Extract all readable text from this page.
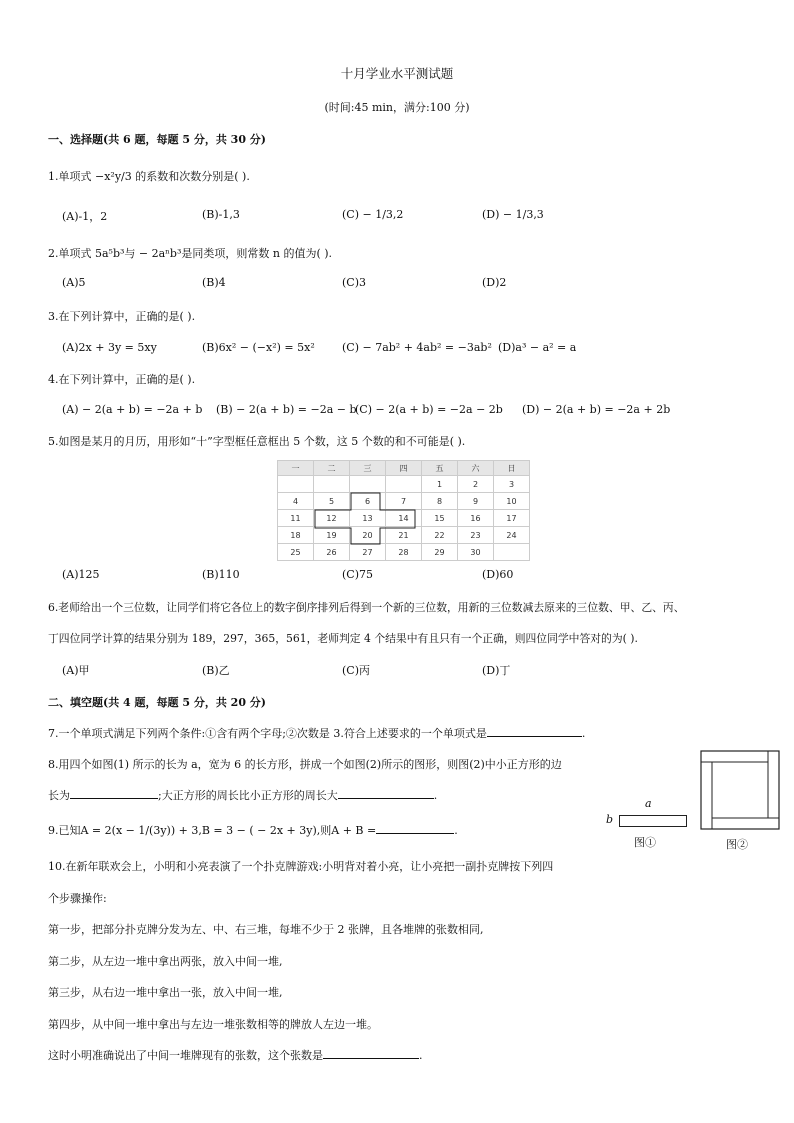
十月学业水平测试题
(时间:45 min，满分:100 分)
一、选择题(共 6 题，每题 5 分，共 30 分)
1.单项式 −x²y/3 的系数和次数分别是( ).
(A)-1，2	(B)-1,3	(C) − 1/3,2	(D) − 1/3,3
2.单项式 5a⁵b³与 − 2aⁿb³是同类项，则常数 n 的值为( ).
(A)5	(B)4	(C)3	(D)2
3.在下列计算中，正确的是( ).
(A)2x + 3y = 5xy	(B)6x² − (−x²) = 5x² (C) − 7ab² + 4ab² = −3ab² (D)a³ − a² = a
4.在下列计算中，正确的是( ).
(A) − 2(a + b) = −2a + b (B) − 2(a + b) = −2a − b
(C) − 2(a + b) = −2a − 2b (D) − 2(a + b) = −2a + 2b
5.如图是某月的月历，用形如“十”字型框任意框出 5 个数，这 5 个数的和不可能是( ).
一	二	三	四	五	六	日
				1	2	3
4	5	6	7	8	9	10
11	12	13	14	15	16	17
18	19	20	21	22	23	24
25	26	27	28	29	30	
(A)125	(B)110	(C)75	(D)60
6.老师给出一个三位数，让同学们将它各位上的数字倒序排列后得到一个新的三位数，用新的三位数减去原来的三位数、甲、乙、丙、
丁四位同学计算的结果分别为 189，297，365，561，老师判定 4 个结果中有且只有一个正确，则四位同学中答对的为( ).
(A)甲	(B)乙	(C)丙	(D)丁
二、填空题(共 4 题，每题 5 分，共 20 分)
7.一个单项式满足下列两个条件:①含有两个字母;②次数是 3.符合上述要求的一个单项式是	.
8.用四个如图(1) 所示的长为 a，宽为 6 的长方形，拼成一个如图(2)所示的图形，则图(2)中小正方形的边
长为	;大正方形的周长比小正方形的周长大	.
9.已知A = 2(x − 1/(3y)) + 3,B = 3 − ( − 2x + 3y),则A + B =	.
a
b
图①	图②
10.在新年联欢会上，小明和小亮表演了一个扑克牌游戏:小明背对着小亮，让小亮把一副扑克牌按下列四
个步骤操作:
第一步，把部分扑克牌分发为左、中、右三堆，每堆不少于 2 张牌，且各堆牌的张数相同,
第二步，从左边一堆中拿出两张，放入中间一堆,
第三步，从右边一堆中拿出一张，放入中间一堆,
第四步，从中间一堆中拿出与左边一堆张数相等的牌放人左边一堆。
这时小明准确说出了中间一堆牌现有的张数，这个张数是	.
